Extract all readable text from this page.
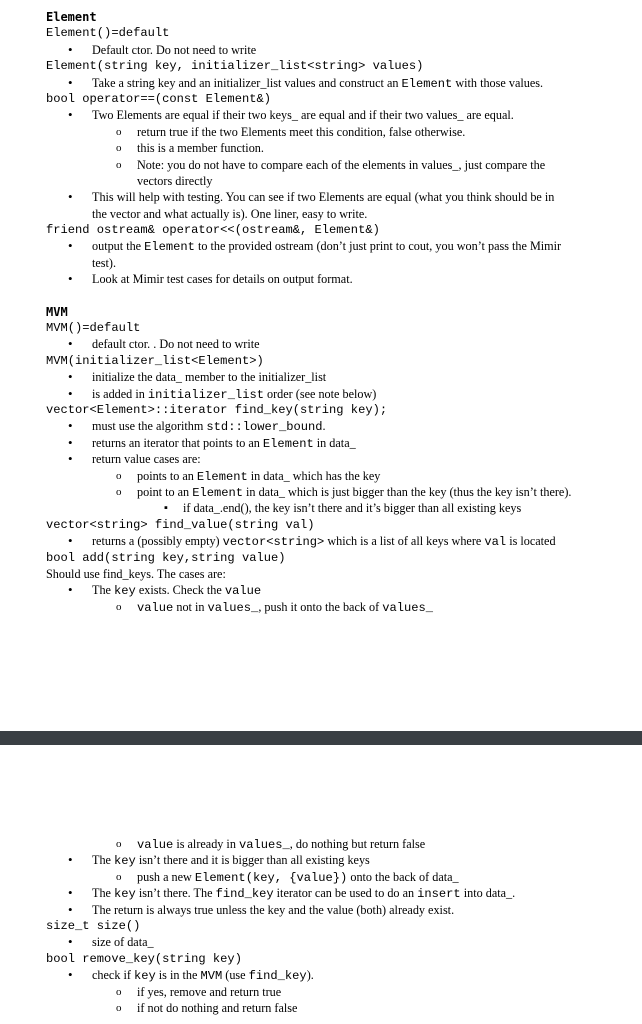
Element
Element()=default
• Default ctor. Do not need to write
Element(string key, initializer_list<string> values)
• Take a string key and an initializer_list values and construct an Element with those values.
bool operator==(const Element&)
• Two Elements are equal if their two keys_ are equal and if their two values_ are equal.
o return true if the two Elements meet this condition, false otherwise.
o this is a member function.
o Note: you do not have to compare each of the elements in values_, just compare the
vectors directly
• This will help with testing. You can see if two Elements are equal (what you think should be in
the vector and what actually is). One liner, easy to write.
friend ostream& operator<<(ostream&, Element&)
• output the Element to the provided ostream (don’t just print to cout, you won’t pass the Mimir
test).
• Look at Mimir test cases for details on output format.
MVM
MVM()=default
• default ctor. . Do not need to write
MVM(initializer_list<Element>)
• initialize the data_ member to the initializer_list
• is added in initializer_list order (see note below)
vector<Element>::iterator find_key(string key);
• must use the algorithm std::lower_bound.
• returns an iterator that points to an Element in data_
• return value cases are:
o points to an Element in data_ which has the key
o point to an Element in data_ which is just bigger than the key (thus the key isn’t there).
▪ if data_.end(), the key isn’t there and it’s bigger than all existing keys
vector<string> find_value(string val)
• returns a (possibly empty) vector<string> which is a list of all keys where val is located
bool add(string key,string value)
Should use find_keys. The cases are:
• The key exists. Check the value
o value not in values_, push it onto the back of values_
o value is already in values_, do nothing but return false
• The key isn’t there and it is bigger than all existing keys
o push a new Element(key, {value}) onto the back of data_
• The key isn’t there. The find_key iterator can be used to do an insert into data_.
• The return is always true unless the key and the value (both) already exist.
size_t size()
• size of data_
bool remove_key(string key)
• check if key is in the MVM (use find_key).
o if yes, remove and return true
o if not do nothing and return false
